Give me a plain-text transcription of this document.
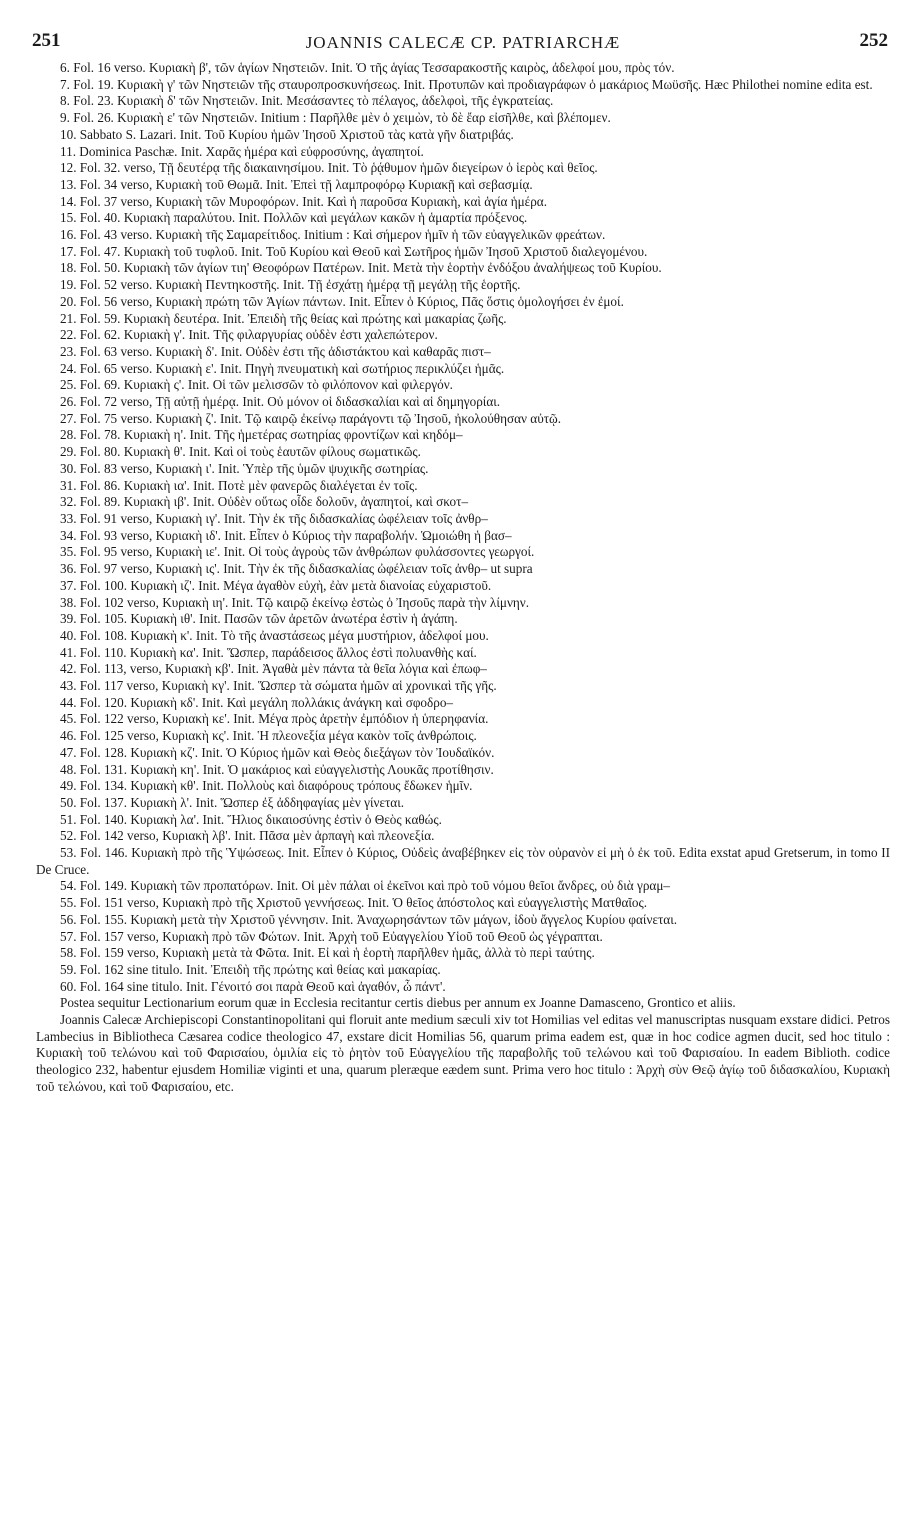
251	JOANNIS CALECÆ CP. PATRIARCHÆ	252

6. Fol. 16 verso. Κυριακὴ β', τῶν ἁγίων Νηστειῶν. Init. Ὁ τῆς ἁγίας Τεσσαρακοστῆς καιρὸς, ἀδελφοί μου, πρὸς τόν.

7. Fol. 19. Κυριακὴ γ' τῶν Νηστειῶν τῆς σταυροπροσκυνήσεως. Init. Προτυπῶν καὶ προδιαγράφων ὁ μακάριος Μωϋσῆς. Hæc Philothei nomine edita est.

8. Fol. 23. Κυριακὴ δ' τῶν Νηστειῶν. Init. Μεσάσαντες τὸ πέλαγος, ἀδελφοὶ, τῆς ἐγκρατείας.

9. Fol. 26. Κυριακὴ ε' τῶν Νηστειῶν. Initium : Παρῆλθε μὲν ὁ χειμὼν, τὸ δὲ ἔαρ εἰσῆλθε, καὶ βλέπομεν.

10. Sabbato S. Lazari. Init. Τοῦ Κυρίου ἡμῶν Ἰησοῦ Χριστοῦ τὰς κατὰ γῆν διατριβάς.

11. Dominica Paschæ. Init. Χαρᾶς ἡμέρα καὶ εὐφροσύνης, ἀγαπητοί.

12. Fol. 32. verso, Τῇ δευτέρᾳ τῆς διακαινησίμου. Init. Τὸ ῥᾴθυμον ἡμῶν διεγείρων ὁ ἱερὸς καὶ θεῖος.

13. Fol. 34 verso, Κυριακὴ τοῦ Θωμᾶ. Init. Ἐπεὶ τῇ λαμπροφόρῳ Κυριακῇ καὶ σεβασμίᾳ.

14. Fol. 37 verso, Κυριακὴ τῶν Μυροφόρων. Init. Καὶ ἡ παροῦσα Κυριακὴ, καὶ ἁγία ἡμέρα.

15. Fol. 40. Κυριακὴ παραλύτου. Init. Πολλῶν καὶ μεγάλων κακῶν ἡ ἁμαρτία πρόξενος.

16. Fol. 43 verso. Κυριακὴ τῆς Σαμαρείτιδος. Initium : Καὶ σήμερον ἡμῖν ἡ τῶν εὐαγγελικῶν φρεάτων.

17. Fol. 47. Κυριακὴ τοῦ τυφλοῦ. Init. Τοῦ Κυρίου καὶ Θεοῦ καὶ Σωτῆρος ἡμῶν Ἰησοῦ Χριστοῦ διαλεγομένου.

18. Fol. 50. Κυριακὴ τῶν ἁγίων τιη' Θεοφόρων Πατέρων. Init. Μετὰ τὴν ἑορτὴν ἐνδόξου ἀναλήψεως τοῦ Κυρίου.

19. Fol. 52 verso. Κυριακὴ Πεντηκοστῆς. Init. Τῇ ἐσχάτῃ ἡμέρᾳ τῇ μεγάλῃ τῆς ἑορτῆς.

20. Fol. 56 verso, Κυριακὴ πρώτη τῶν Ἁγίων πάντων. Init. Εἶπεν ὁ Κύριος, Πᾶς ὅστις ὁμολογήσει ἐν ἐμοί.

21. Fol. 59. Κυριακὴ δευτέρα. Init. Ἐπειδὴ τῆς θείας καὶ πρώτης καὶ μακαρίας ζωῆς.

22. Fol. 62. Κυριακὴ γ'. Init. Τῆς φιλαργυρίας οὐδὲν ἐστι χαλεπώτερον.

23. Fol. 63 verso. Κυριακὴ δ'. Init. Οὐδὲν ἐστι τῆς ἀδιστάκτου καὶ καθαρᾶς πιστ–

24. Fol. 65 verso. Κυριακὴ ε'. Init. Πηγὴ πνευματικὴ καὶ σωτήριος περικλύζει ἡμᾶς.

25. Fol. 69. Κυριακὴ ς'. Init. Οἱ τῶν μελισσῶν τὸ φιλόπονον καὶ φιλεργόν.

26. Fol. 72 verso, Τῇ αὐτῇ ἡμέρᾳ. Init. Οὐ μόνον οἱ διδασκαλίαι καὶ αἱ δημηγορίαι.

27. Fol. 75 verso. Κυριακὴ ζ'. Init. Τῷ καιρῷ ἐκείνῳ παράγοντι τῷ Ἰησοῦ, ἠκολούθησαν αὐτῷ.

28. Fol. 78. Κυριακὴ η'. Init. Τῆς ἡμετέρας σωτηρίας φροντίζων καὶ κηδόμ–

29. Fol. 80. Κυριακὴ θ'. Init. Καὶ οἱ τοὺς ἑαυτῶν φίλους σωματικῶς.

30. Fol. 83 verso, Κυριακὴ ι'. Init. Ὑπὲρ τῆς ὑμῶν ψυχικῆς σωτηρίας.

31. Fol. 86. Κυριακὴ ια'. Init. Ποτὲ μὲν φανερῶς διαλέγεται ἐν τοῖς.

32. Fol. 89. Κυριακὴ ιβ'. Init. Οὐδὲν οὕτως οἶδε δολοῦν, ἀγαπητοί, καὶ σκοτ–

33. Fol. 91 verso, Κυριακὴ ιγ'. Init. Τὴν ἐκ τῆς διδασκαλίας ὠφέλειαν τοῖς ἀνθρ–

34. Fol. 93 verso, Κυριακὴ ιδ'. Init. Εἶπεν ὁ Κύριος τὴν παραβολήν. Ὡμοιώθη ἡ βασ–

35. Fol. 95 verso, Κυριακὴ ιε'. Init. Οἱ τοὺς ἀγροὺς τῶν ἀνθρώπων φυλάσσοντες γεωργοί.

36. Fol. 97 verso, Κυριακὴ ις'. Init. Τὴν ἐκ τῆς διδασκαλίας ὠφέλειαν τοῖς ἀνθρ– ut supra

37. Fol. 100. Κυριακὴ ιζ'. Init. Μέγα ἀγαθὸν εὐχὴ, ἐὰν μετὰ διανοίας εὐχαριστοῦ.

38. Fol. 102 verso, Κυριακὴ ιη'. Init. Τῷ καιρῷ ἐκείνῳ ἑστὼς ὁ Ἰησοῦς παρὰ τὴν λίμνην.

39. Fol. 105. Κυριακὴ ιθ'. Init. Πασῶν τῶν ἀρετῶν ἀνωτέρα ἐστὶν ἡ ἀγάπη.

40. Fol. 108. Κυριακὴ κ'. Init. Τὸ τῆς ἀναστάσεως μέγα μυστήριον, ἀδελφοί μου.

41. Fol. 110. Κυριακὴ κα'. Init. Ὥσπερ, παράδεισος ἄλλος ἐστὶ πολυανθὴς καί.

42. Fol. 113, verso, Κυριακὴ κβ'. Init. Ἀγαθὰ μὲν πάντα τὰ θεῖα λόγια καὶ ἐπωφ–

43. Fol. 117 verso, Κυριακὴ κγ'. Init. Ὥσπερ τὰ σώματα ἡμῶν αἱ χρονικαὶ τῆς γῆς.

44. Fol. 120. Κυριακὴ κδ'. Init. Καὶ μεγάλη πολλάκις ἀνάγκη καὶ σφοδρο–

45. Fol. 122 verso, Κυριακὴ κε'. Init. Μέγα πρὸς ἀρετὴν ἐμπόδιον ἡ ὑπερηφανία.

46. Fol. 125 verso, Κυριακὴ κς'. Init. Ἡ πλεονεξία μέγα κακὸν τοῖς ἀνθρώποις.

47. Fol. 128. Κυριακὴ κζ'. Init. Ὁ Κύριος ἡμῶν καὶ Θεὸς διεξάγων τὸν Ἰουδαϊκόν.

48. Fol. 131. Κυριακὴ κη'. Init. Ὁ μακάριος καὶ εὐαγγελιστὴς Λουκᾶς προτίθησιν.

49. Fol. 134. Κυριακὴ κθ'. Init. Πολλοὺς καὶ διαφόρους τρόπους ἔδωκεν ἡμῖν.

50. Fol. 137. Κυριακὴ λ'. Init. Ὥσπερ ἐξ ἀδδηφαγίας μὲν γίνεται.

51. Fol. 140. Κυριακὴ λα'. Init. Ἥλιος δικαιοσύνης ἐστὶν ὁ Θεὸς καθώς.

52. Fol. 142 verso, Κυριακὴ λβ'. Init. Πᾶσα μὲν ἁρπαγὴ καὶ πλεονεξία.

53. Fol. 146. Κυριακὴ πρὸ τῆς Ὑψώσεως. Init. Εἶπεν ὁ Κύριος, Οὐδεὶς ἀναβέβηκεν εἰς τὸν οὐρανὸν εἰ μὴ ὁ ἐκ τοῦ. Edita exstat apud Gretserum, in tomo II De Cruce.

54. Fol. 149. Κυριακὴ τῶν προπατόρων. Init. Οἱ μὲν πάλαι οἱ ἐκεῖνοι καὶ πρὸ τοῦ νόμου θεῖοι ἄνδρες, οὐ διὰ γραμ–

55. Fol. 151 verso, Κυριακὴ πρὸ τῆς Χριστοῦ γεννήσεως. Init. Ὁ θεῖος ἀπόστολος καὶ εὐαγγελιστὴς Ματθαῖος.

56. Fol. 155. Κυριακὴ μετὰ τὴν Χριστοῦ γέννησιν. Init. Ἀναχωρησάντων τῶν μάγων, ἰδοὺ ἄγγελος Κυρίου φαίνεται.

57. Fol. 157 verso, Κυριακὴ πρὸ τῶν Φώτων. Init. Ἀρχὴ τοῦ Εὐαγγελίου Υἱοῦ τοῦ Θεοῦ ὡς γέγραπται.

58. Fol. 159 verso, Κυριακὴ μετὰ τὰ Φῶτα. Init. Εἰ καὶ ἡ ἑορτὴ παρῆλθεν ἡμᾶς, ἀλλὰ τὸ περὶ ταύτης.

59. Fol. 162 sine titulo. Init. Ἐπειδὴ τῆς πρώτης καὶ θείας καὶ μακαρίας.

60. Fol. 164 sine titulo. Init. Γένοιτό σοι παρὰ Θεοῦ καὶ ἀγαθόν, ὦ πάντ'.

Postea sequitur Lectionarium eorum quæ in Ecclesia recitantur certis diebus per annum ex Joanne Damasceno, Grontico et aliis.

Joannis Calecæ Archiepiscopi Constantinopolitani qui floruit ante medium sæculi xiv tot Homilias vel editas vel manuscriptas nusquam exstare didici. Petros Lambecius in Bibliotheca Cæsarea codice theologico 47, exstare dicit Homilias 56, quarum prima eadem est, quæ in hoc codice agmen ducit, sed hoc titulo : Κυριακὴ τοῦ τελώνου καὶ τοῦ Φαρισαίου, ὁμιλία εἰς τὸ ῥητὸν τοῦ Εὐαγγελίου τῆς παραβολῆς τοῦ τελώνου καὶ τοῦ Φαρισαίου. In eadem Biblioth. codice theologico 232, habentur ejusdem Homiliæ viginti et una, quarum pleræque eædem sunt. Prima vero hoc titulo : Ἀρχὴ σὺν Θεῷ ἁγίῳ τοῦ διδασκαλίου, Κυριακὴ τοῦ τελώνου, καὶ τοῦ Φαρισαίου, etc.
